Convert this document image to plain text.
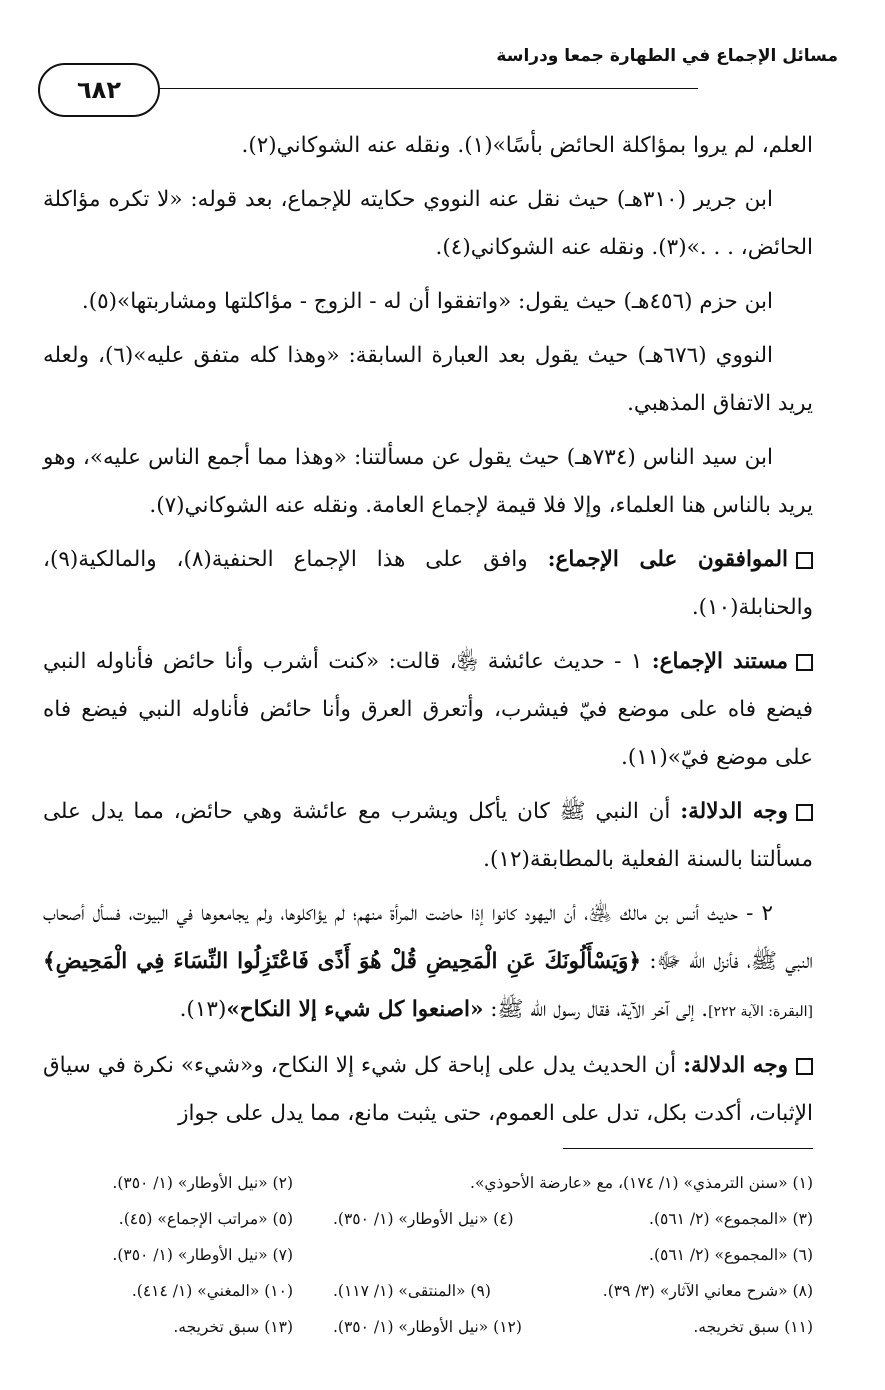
مسائل الإجماع في الطهارة جمعا ودراسة
٦٨٢

العلم، لم يروا بمؤاكلة الحائض بأسًا»(١). ونقله عنه الشوكاني(٢).

ابن جرير (٣١٠هـ) حيث نقل عنه النووي حكايته للإجماع، بعد قوله: «لا تكره مؤاكلة الحائض، . . .»(٣). ونقله عنه الشوكاني(٤).

ابن حزم (٤٥٦هـ) حيث يقول: «واتفقوا أن له - الزوج - مؤاكلتها ومشاربتها»(٥).

النووي (٦٧٦هـ) حيث يقول بعد العبارة السابقة: «وهذا كله متفق عليه»(٦)، ولعله يريد الاتفاق المذهبي.

ابن سيد الناس (٧٣٤هـ) حيث يقول عن مسألتنا: «وهذا مما أجمع الناس عليه»، وهو يريد بالناس هنا العلماء، وإلا فلا قيمة لإجماع العامة. ونقله عنه الشوكاني(٧).

الموافقون على الإجماع: وافق على هذا الإجماع الحنفية(٨)، والمالكية(٩)، والحنابلة(١٠).

مستند الإجماع: ١ - حديث عائشة ﵂، قالت: «كنت أشرب وأنا حائض فأناوله النبي فيضع فاه على موضع فيّ فيشرب، وأتعرق العرق وأنا حائض فأناوله النبي فيضع فاه على موضع فيّ»(١١).

وجه الدلالة: أن النبي ﷺ كان يأكل ويشرب مع عائشة وهي حائض، مما يدل على مسألتنا بالسنة الفعلية بالمطابقة(١٢).

٢ - حديث أنس بن مالك ﵁، أن اليهود كانوا إذا حاضت المرأة منهم؛ لم يؤاكلوها، ولم يجامعوها في البيوت، فسأل أصحاب النبي ﷺ، فأنزل الله ﷻ: ﴿وَيَسْأَلُونَكَ عَنِ الْمَحِيضِ قُلْ هُوَ أَذًى فَاعْتَزِلُوا النِّسَاءَ فِي الْمَحِيضِ﴾ [البقرة: الآية ٢٢٢]. إلى آخر الآية، فقال رسول الله ﷺ: «اصنعوا كل شيء إلا النكاح»(١٣).

وجه الدلالة: أن الحديث يدل على إباحة كل شيء إلا النكاح، و«شيء» نكرة في سياق الإثبات، أكدت بكل، تدل على العموم، حتى يثبت مانع، مما يدل على جواز

(١) «سنن الترمذي» (١/ ١٧٤)، مع «عارضة الأحوذي».
(٢) «نيل الأوطار» (١/ ٣٥٠).
(٣) «المجموع» (٢/ ٥٦١).
(٤) «نيل الأوطار» (١/ ٣٥٠).
(٥) «مراتب الإجماع» (٤٥).
(٦) «المجموع» (٢/ ٥٦١).
(٧) «نيل الأوطار» (١/ ٣٥٠).
(٨) «شرح معاني الآثار» (٣/ ٣٩).
(٩) «المنتقى» (١/ ١١٧).
(١٠) «المغني» (١/ ٤١٤).
(١١) سبق تخريجه.
(١٢) «نيل الأوطار» (١/ ٣٥٠).
(١٣) سبق تخريجه.
